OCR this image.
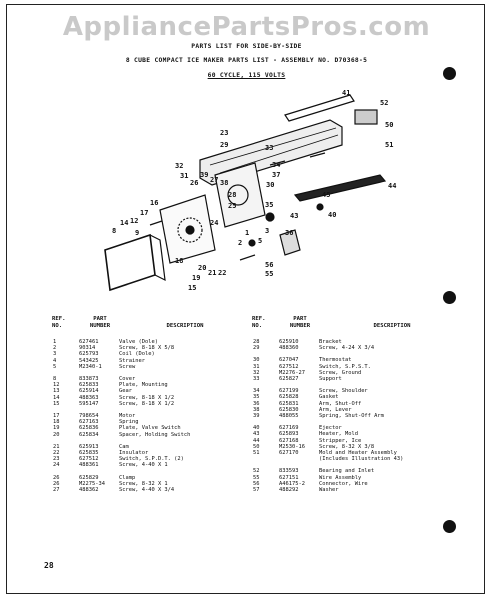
AppliancePartsPros.com
PARTS LIST FOR SIDE-BY-SIDE
8 CUBE COMPACT ICE MAKER PARTS LIST - ASSEMBLY NO. D70368-5
60 CYCLE, 115 VOLTS
41
52
50
51
44
23
29	33
34
37
30
32
31
26
39
27 38
28
25
24
16
15
17
12
14
8	9
18
19
20
21 22
5
1
2
3
45
40
43
35
36
56
55
REF.
NO.
PART
NUMBER	DESCRIPTION
REF.
NO.
PART
NUMBER	DESCRIPTION
1	627461	Valve (Dole)
2	90314	Screw, 8-18 X 5/8
3	625793	Coil (Dole)
4	543425	Strainer
5	M2340-1	Screw

8	833873	Cover
12	625833	Plate, Mounting
13	625914	Gear
14	488363	Screw, 8-18 X 1/2
15	595147	Screw, 8-18 X 1/2

17	798654	Motor
18	627163	Spring
19	625836	Plate, Valve Switch
20	625834	Spacer, Holding Switch

21	625913	Cam
22	625835	Insulator
23	627512	Switch, S.P.D.T. (2)
24	488361	Screw, 4-40 X 1

26	625829	Clamp
26	M2275-34	Screw, 8-32 X 1
27	488362	Screw, 4-40 X 3/4
28	625910	Bracket
29	488360	Screw, 4-24 X 3/4

30	627047	Thermostat
31	627512	Switch, S.P.S.T.
32	M2276-27	Screw, Ground
33	625827	Support

34	627199	Screw, Shoulder
35	625828	Gasket
36	625831	Arm, Shut-Off
38	625830	Arm, Lever
39	488055	Spring, Shut-Off Arm

40	627169	Ejector
43	625893	Heater, Mold
44	627168	Stripper, Ice
50	M2530-16	Screw, 8-32 X 3/8
51	627170	Mold and Heater Assembly
(Includes Illustration 43)

52	833593	Bearing and Inlet
55	627151	Wire Assembly
56	A46175-2	Connector, Wire
57	488292	Washer
28
